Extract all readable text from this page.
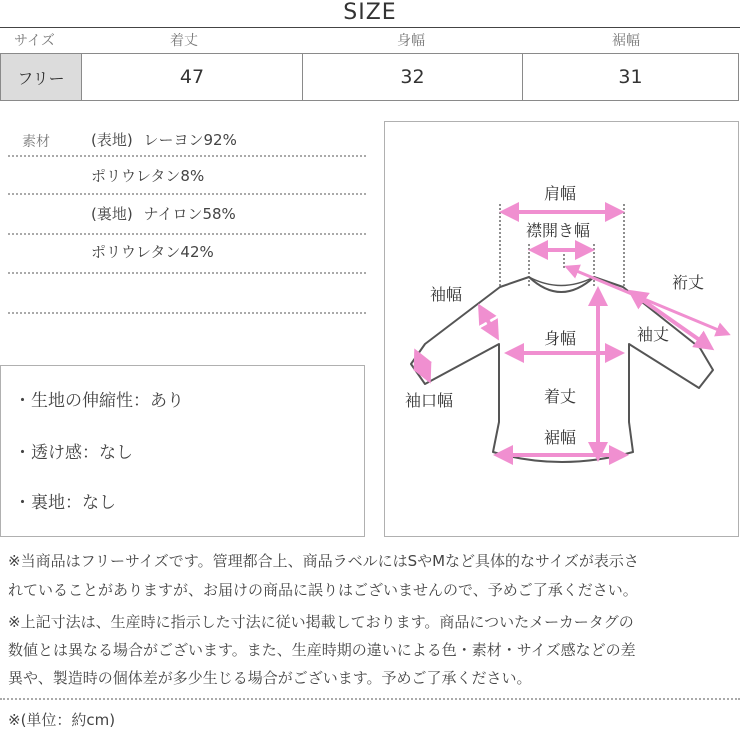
SIZE
サイズ	着丈	身幅	裾幅
フリー	47	32	31
素材	(表地) レーヨン92%
ポリウレタン8%
(裏地) ナイロン58%
ポリウレタン42%
・生地の伸縮性：あり
・透け感：なし
・裏地：なし
肩幅
襟開き幅
裄丈
袖幅
袖丈
身幅
袖口幅	着丈
裾幅
※当商品はフリーサイズです。管理都合上、商品ラベルにはSやMなど具体的なサイズが表示さ
れていることがありますが、お届けの商品に誤りはございませんので、予めご了承ください。
※上記寸法は、生産時に指示した寸法に従い掲載しております。商品についたメーカータグの
数値とは異なる場合がございます。また、生産時期の違いによる色・素材・サイズ感などの差
異や、製造時の個体差が多少生じる場合がございます。予めご了承ください。
※(単位：約cm)
